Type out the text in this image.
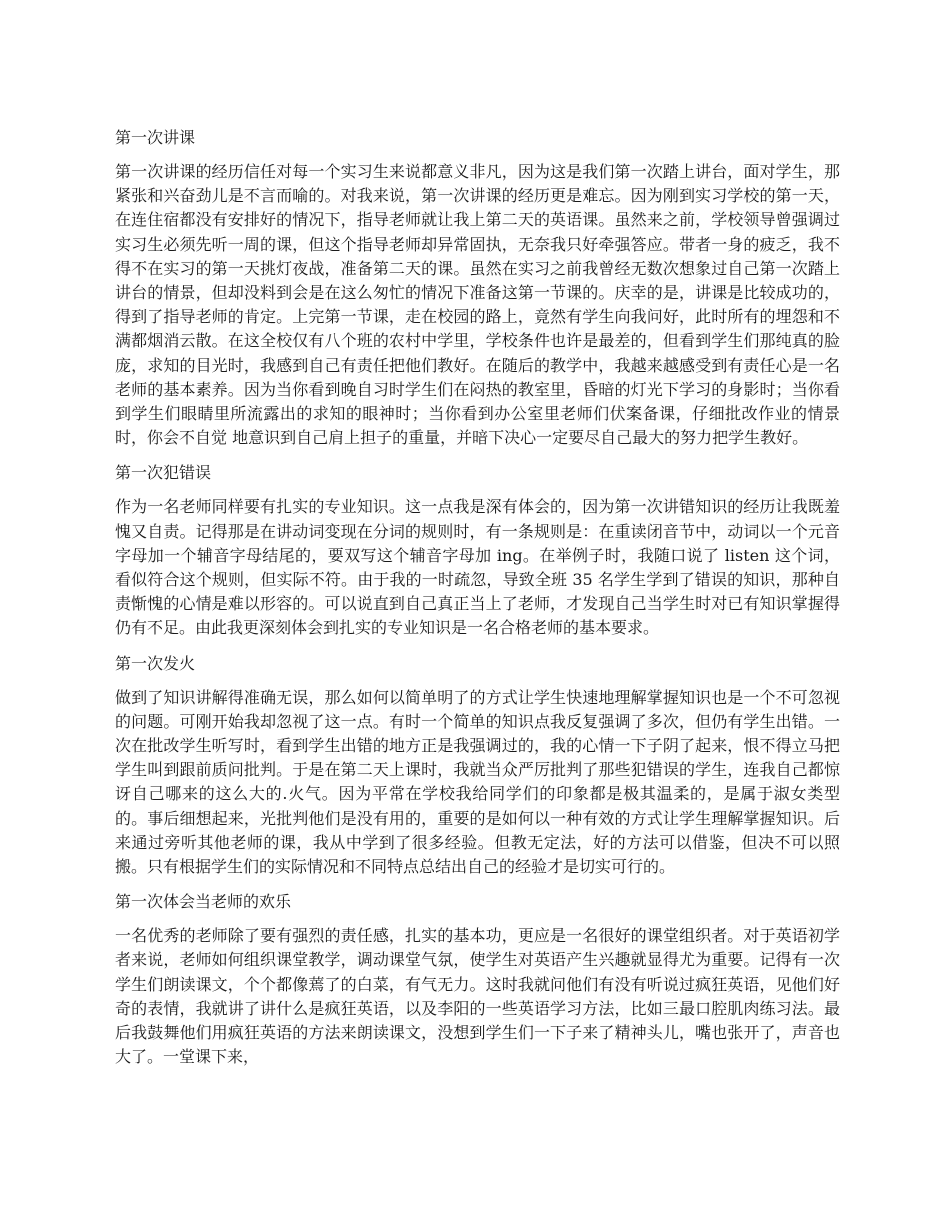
第一次讲课
第一次讲课的经历信任对每一个实习生来说都意义非凡，因为这是我们第一次踏上讲台，面对学生，那紧张和兴奋劲儿是不言而喻的。对我来说，第一次讲课的经历更是难忘。因为刚到实习学校的第一天，在连住宿都没有安排好的情况下，指导老师就让我上第二天的英语课。虽然来之前，学校领导曾强调过实习生必须先听一周的课，但这个指导老师却异常固执，无奈我只好牵强答应。带者一身的疲乏，我不得不在实习的第一天挑灯夜战，准备第二天的课。虽然在实习之前我曾经无数次想象过自己第一次踏上讲台的情景，但却没料到会是在这么匆忙的情况下准备这第一节课的。庆幸的是，讲课是比较成功的，得到了指导老师的肯定。上完第一节课，走在校园的路上，竟然有学生向我问好，此时所有的埋怨和不满都烟消云散。在这全校仅有八个班的农村中学里，学校条件也许是最差的，但看到学生们那纯真的脸庞，求知的目光时，我感到自己有责任把他们教好。在随后的教学中，我越来越感受到有责任心是一名老师的基本素养。因为当你看到晚自习时学生们在闷热的教室里，昏暗的灯光下学习的身影时；当你看到学生们眼睛里所流露出的求知的眼神时；当你看到办公室里老师们伏案备课，仔细批改作业的情景时，你会不自觉 地意识到自己肩上担子的重量，并暗下决心一定要尽自己最大的努力把学生教好。
第一次犯错误
作为一名老师同样要有扎实的专业知识。这一点我是深有体会的，因为第一次讲错知识的经历让我既羞愧又自责。记得那是在讲动词变现在分词的规则时，有一条规则是：在重读闭音节中，动词以一个元音字母加一个辅音字母结尾的，要双写这个辅音字母加 ing。在举例子时，我随口说了 listen 这个词，看似符合这个规则，但实际不符。由于我的一时疏忽，导致全班 35 名学生学到了错误的知识，那种自责惭愧的心情是难以形容的。可以说直到自己真正当上了老师，才发现自己当学生时对已有知识掌握得仍有不足。由此我更深刻体会到扎实的专业知识是一名合格老师的基本要求。
第一次发火
做到了知识讲解得准确无误，那么如何以简单明了的方式让学生快速地理解掌握知识也是一个不可忽视的问题。可刚开始我却忽视了这一点。有时一个简单的知识点我反复强调了多次，但仍有学生出错。一次在批改学生听写时，看到学生出错的地方正是我强调过的，我的心情一下子阴了起来，恨不得立马把学生叫到跟前质问批判。于是在第二天上课时，我就当众严厉批判了那些犯错误的学生，连我自己都惊讶自己哪来的这么大的.火气。因为平常在学校我给同学们的印象都是极其温柔的，是属于淑女类型的。事后细想起来，光批判他们是没有用的，重要的是如何以一种有效的方式让学生理解掌握知识。后来通过旁听其他老师的课，我从中学到了很多经验。但教无定法，好的方法可以借鉴，但决不可以照搬。只有根据学生们的实际情况和不同特点总结出自己的经验才是切实可行的。
第一次体会当老师的欢乐
一名优秀的老师除了要有强烈的责任感，扎实的基本功，更应是一名很好的课堂组织者。对于英语初学者来说，老师如何组织课堂教学，调动课堂气氛，使学生对英语产生兴趣就显得尤为重要。记得有一次学生们朗读课文，个个都像蔫了的白菜，有气无力。这时我就问他们有没有听说过疯狂英语，见他们好奇的表情，我就讲了讲什么是疯狂英语，以及李阳的一些英语学习方法，比如三最口腔肌肉练习法。最后我鼓舞他们用疯狂英语的方法来朗读课文，没想到学生们一下子来了精神头儿，嘴也张开了，声音也大了。一堂课下来，
